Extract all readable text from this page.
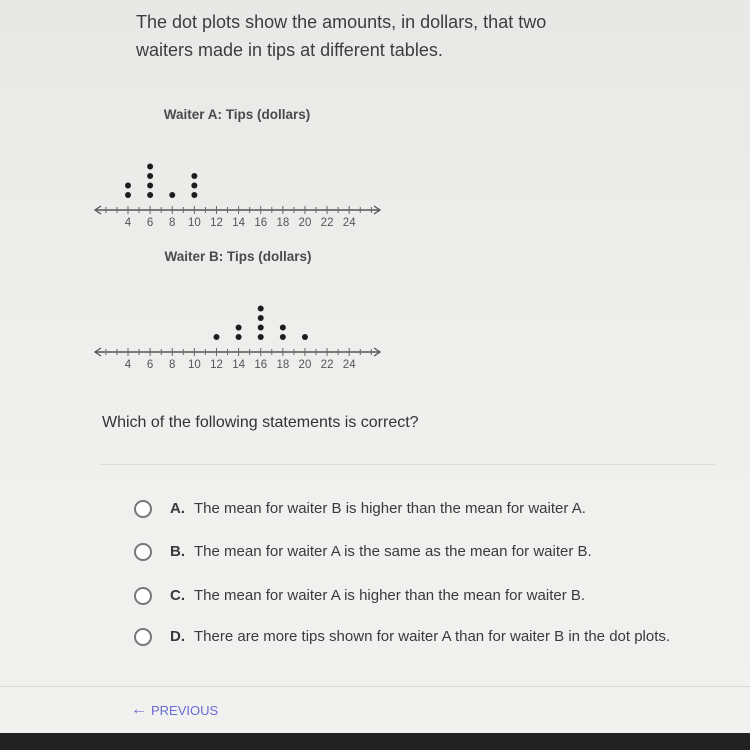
The dot plots show the amounts, in dollars, that two
waiters made in tips at different tables.
Waiter A: Tips (dollars)
4 6 8 10 12 14 16 18 20 22 24
Waiter B: Tips (dollars)
4 6 8 10 12 14 16 18 20 22 24
Which of the following statements is correct?
A. The mean for waiter B is higher than the mean for waiter A.
B. The mean for waiter A is the same as the mean for waiter B.
C. The mean for waiter A is higher than the mean for waiter B.
D. There are more tips shown for waiter A than for waiter B in the dot plots.
← PREVIOUS
